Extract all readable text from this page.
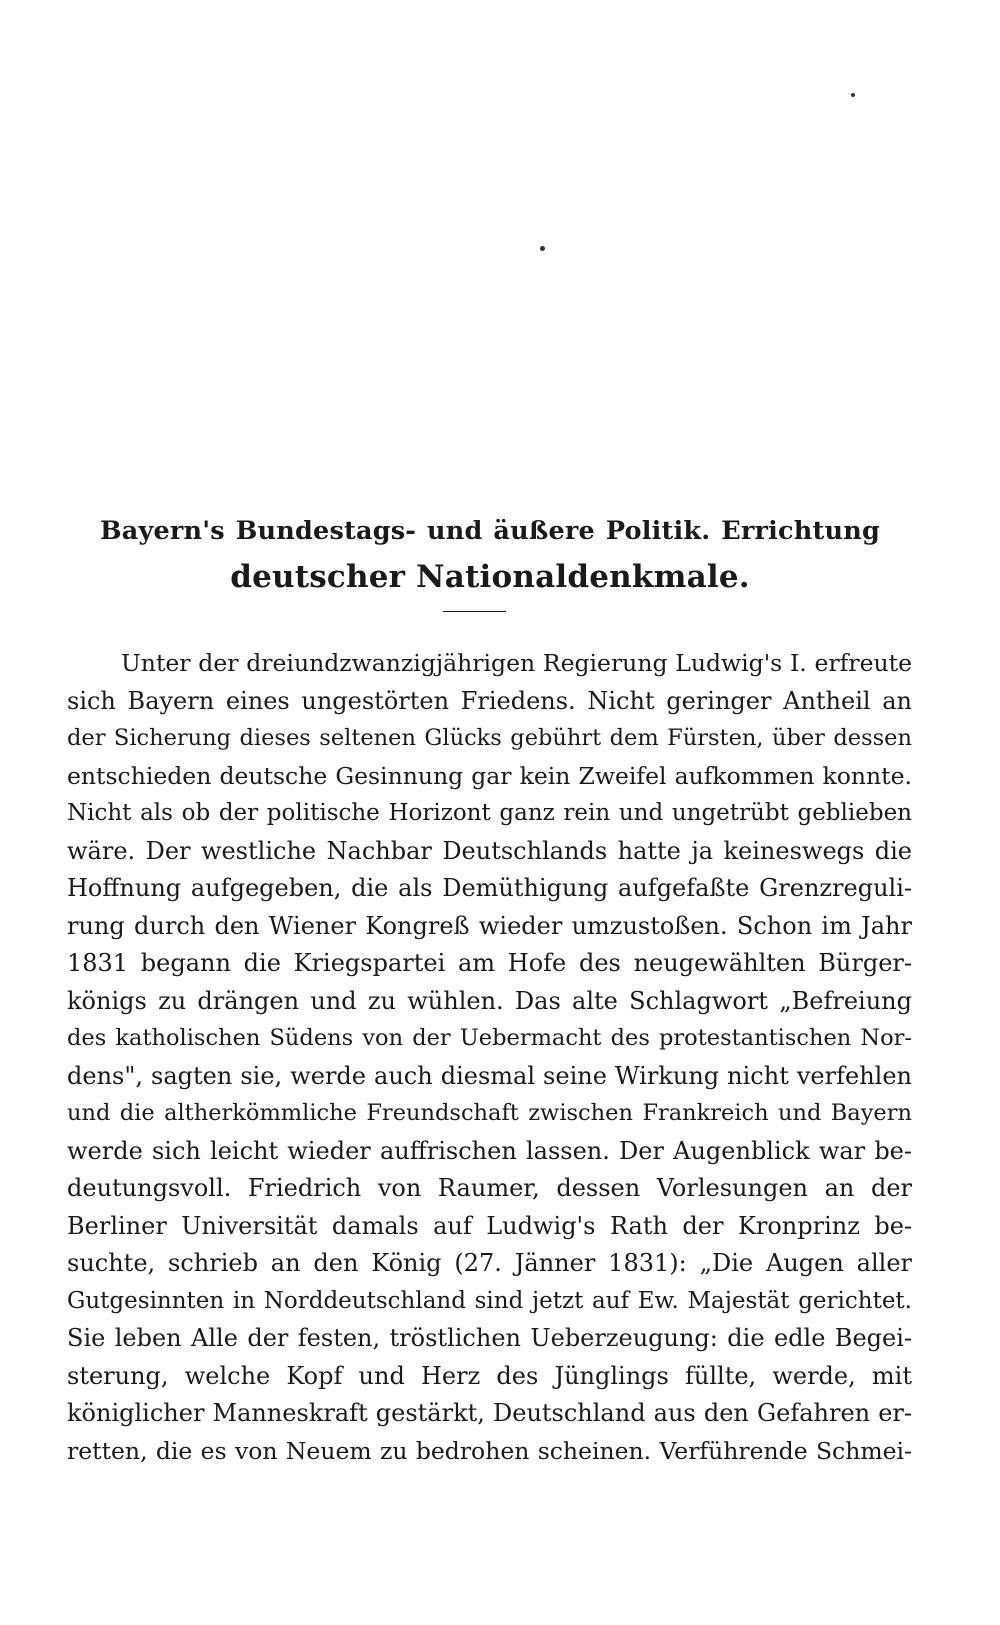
Bayern's Bundestags- und äußere Politik. Errichtung
deutscher Nationaldenkmale.
Unter der dreiundzwanzigjährigen Regierung Ludwig's I. erfreute
sich Bayern eines ungestörten Friedens. Nicht geringer Antheil an
der Sicherung dieses seltenen Glücks gebührt dem Fürsten, über dessen
entschieden deutsche Gesinnung gar kein Zweifel aufkommen konnte.
Nicht als ob der politische Horizont ganz rein und ungetrübt geblieben
wäre. Der westliche Nachbar Deutschlands hatte ja keineswegs die
Hoffnung aufgegeben, die als Demüthigung aufgefaßte Grenzreguli-
rung durch den Wiener Kongreß wieder umzustoßen. Schon im Jahr
1831 begann die Kriegspartei am Hofe des neugewählten Bürger-
königs zu drängen und zu wühlen. Das alte Schlagwort „Befreiung
des katholischen Südens von der Uebermacht des protestantischen Nor-
dens", sagten sie, werde auch diesmal seine Wirkung nicht verfehlen
und die altherkömmliche Freundschaft zwischen Frankreich und Bayern
werde sich leicht wieder auffrischen lassen. Der Augenblick war be-
deutungsvoll. Friedrich von Raumer, dessen Vorlesungen an der
Berliner Universität damals auf Ludwig's Rath der Kronprinz be-
suchte, schrieb an den König (27. Jänner 1831): „Die Augen aller
Gutgesinnten in Norddeutschland sind jetzt auf Ew. Majestät gerichtet.
Sie leben Alle der festen, tröstlichen Ueberzeugung: die edle Begei-
sterung, welche Kopf und Herz des Jünglings füllte, werde, mit
königlicher Manneskraft gestärkt, Deutschland aus den Gefahren er-
retten, die es von Neuem zu bedrohen scheinen. Verführende Schmei-
